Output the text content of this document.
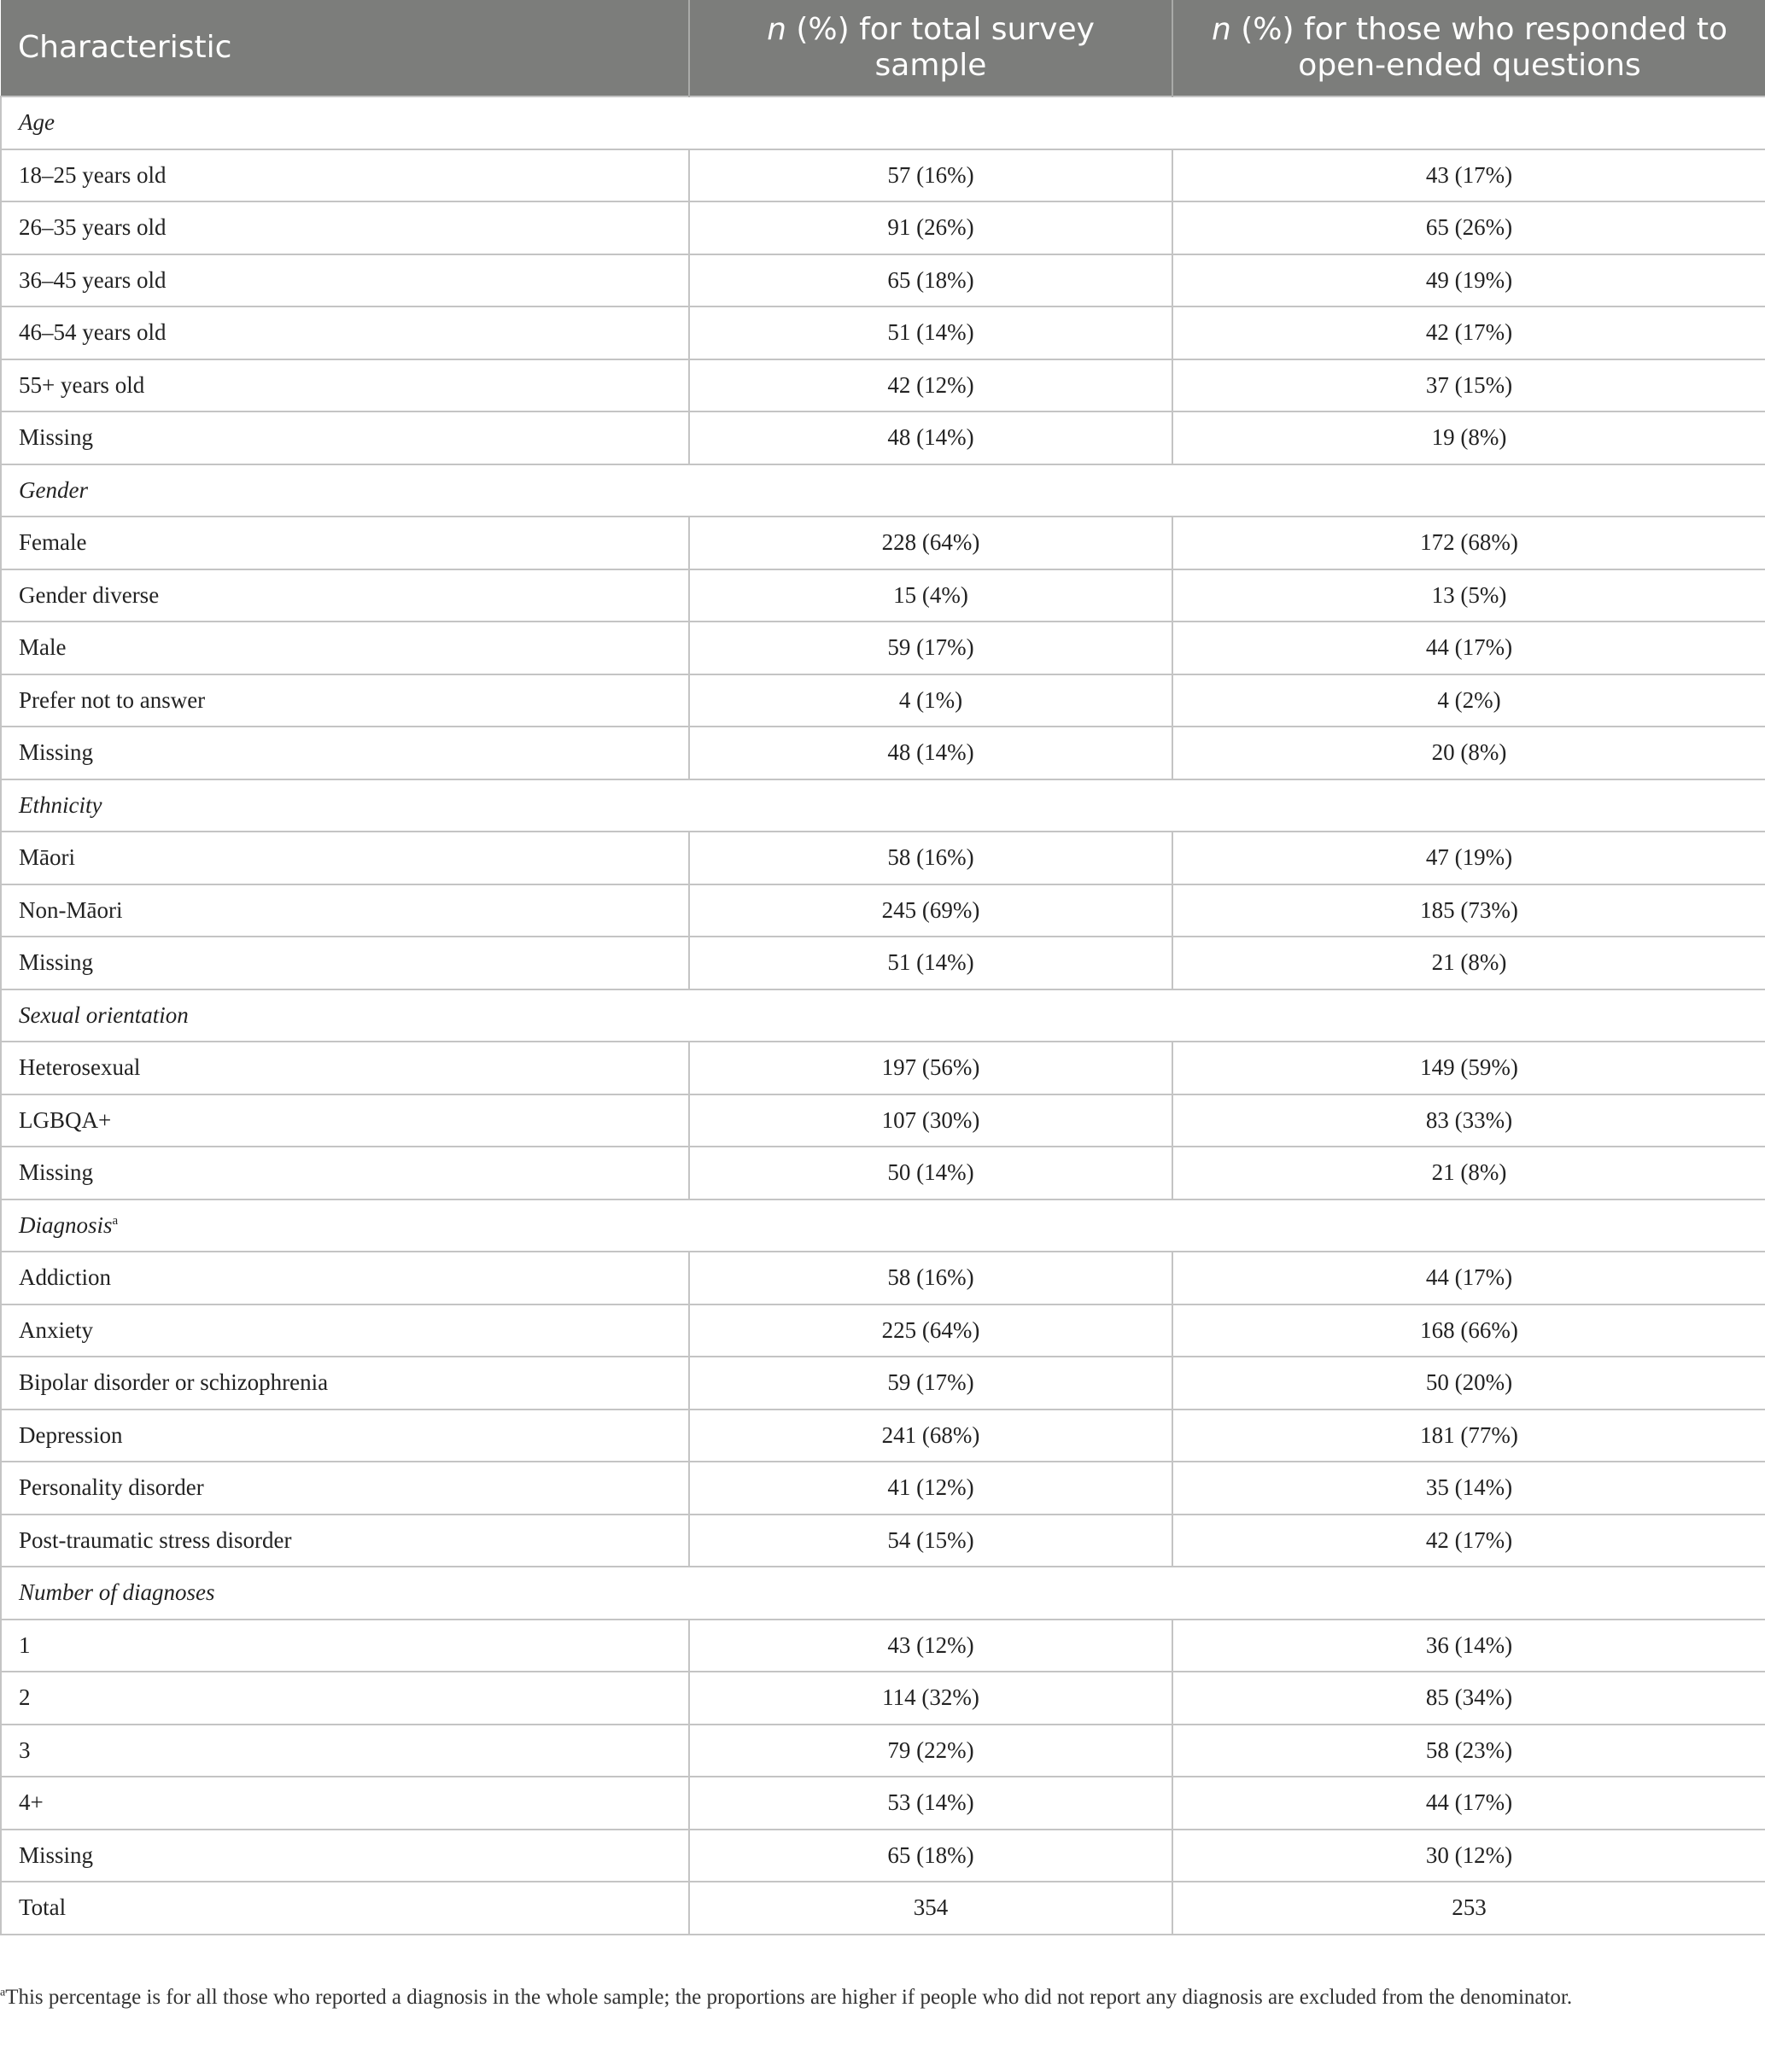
Characteristic	n (%) for total survey sample	n (%) for those who responded to open-ended questions
Age		
18–25 years old	57 (16%)	43 (17%)
26–35 years old	91 (26%)	65 (26%)
36–45 years old	65 (18%)	49 (19%)
46–54 years old	51 (14%)	42 (17%)
55+ years old	42 (12%)	37 (15%)
Missing	48 (14%)	19 (8%)
Gender		
Female	228 (64%)	172 (68%)
Gender diverse	15 (4%)	13 (5%)
Male	59 (17%)	44 (17%)
Prefer not to answer	4 (1%)	4 (2%)
Missing	48 (14%)	20 (8%)
Ethnicity		
Māori	58 (16%)	47 (19%)
Non-Māori	245 (69%)	185 (73%)
Missing	51 (14%)	21 (8%)
Sexual orientation		
Heterosexual	197 (56%)	149 (59%)
LGBQA+	107 (30%)	83 (33%)
Missing	50 (14%)	21 (8%)
Diagnosis$^a$
Addiction	58 (16%)	44 (17%)
Anxiety	225 (64%)	168 (66%)
Bipolar disorder or schizophrenia	59 (17%)	50 (20%)
Depression	241 (68%)	181 (77%)
Personality disorder	41 (12%)	35 (14%)
Post-traumatic stress disorder	54 (15%)	42 (17%)
Number of diagnoses		
1	43 (12%)	36 (14%)
2	114 (32%)	85 (34%)
3	79 (22%)	58 (23%)
4+	53 (14%)	44 (17%)
Missing	65 (18%)	30 (12%)
Total	354	253
$^a$This percentage is for all those who reported a diagnosis in the whole sample; the proportions are higher if people who did not report any diagnosis are excluded from the denominator.
